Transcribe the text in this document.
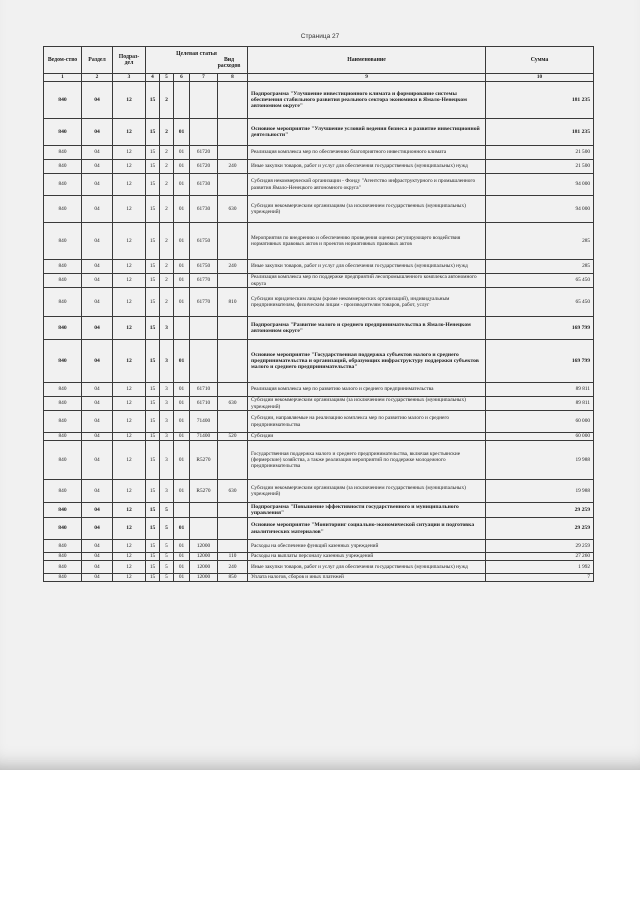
Страница 27
Ведом-ство	Раздел	Подраз-дел	Целевая статья
Вид расходов					Наименование	Сумма
1	2	3	4	5	6	7	8	9	10
840	04	12	15	2				Подпрограмма "Улучшение инвестиционного климата и формирование системы обеспечения стабильного развития реального сектора экономики в Ямало-Ненецком автономном округе"	181 235
840	04	12	15	2	01			Основное мероприятие "Улучшение условий ведения бизнеса и развитие инвестиционной деятельности"	181 235
840	04	12	15	2	01	61720		Реализация комплекса мер по обеспечению благоприятного инвестиционного климата	21 500
840	04	12	15	2	01	61720	240	Иные закупки товаров, работ и услуг для обеспечения государственных (муниципальных) нужд	21 500
840	04	12	15	2	01	61730		Субсидия некоммерческой организации - Фонду "Агентство инфраструктурного и промышленного развития Ямало-Ненецкого автономного округа"	94 000
840	04	12	15	2	01	61730	630	Субсидии некоммерческим организациям (за исключением государственных (муниципальных) учреждений)	94 000
840	04	12	15	2	01	61750		Мероприятия по внедрению и обеспечению проведения оценки регулирующего воздействия нормативных правовых актов и проектов нормативных правовых актов	285
840	04	12	15	2	01	61750	240	Иные закупки товаров, работ и услуг для обеспечения государственных (муниципальных) нужд	285
840	04	12	15	2	01	61770		Реализация комплекса мер по поддержке предприятий лесопромышленного комплекса автономного округа	65 450
840	04	12	15	2	01	61770	810	Субсидии юридическим лицам (кроме некоммерческих организаций), индивидуальным предпринимателям, физическим лицам - производителям товаров, работ, услуг	65 450
840	04	12	15	3				Подпрограмма "Развитие малого и среднего предпринимательства в Ямало-Ненецком автономном округе"	169 799
840	04	12	15	3	01			Основное мероприятие "Государственная поддержка субъектов малого и среднего предпринимательства и организаций, образующих инфраструктуру поддержки субъектов малого и среднего предпринимательства"	169 799
840	04	12	15	3	01	61710		Реализация комплекса мер по развитию малого и среднего предпринимательства	89 811
840	04	12	15	3	01	61710	630	Субсидии некоммерческим организациям (за исключением государственных (муниципальных) учреждений)	89 811
840	04	12	15	3	01	71400		Субсидии, направляемые на реализацию комплекса мер по развитию малого и среднего предпринимательства	60 000
840	04	12	15	3	01	71400	520	Субсидии	60 000
840	04	12	15	3	01	R5270		Государственная поддержка малого и среднего предпринимательства, включая крестьянские (фермерские) хозяйства, а также реализация мероприятий по поддержке молодежного предпринимательства	19 988
840	04	12	15	3	01	R5270	630	Субсидии некоммерческим организациям (за исключением государственных (муниципальных) учреждений)	19 988
840	04	12	15	5				Подпрограмма "Повышение эффективности государственного и муниципального управления"	29 259
840	04	12	15	5	01			Основное мероприятие "Мониторинг социально-экономической ситуации и подготовка аналитических материалов"	29 259
840	04	12	15	5	01	12000		Расходы на обеспечение функций казенных учреждений	29 259
840	04	12	15	5	01	12000	110	Расходы на выплаты персоналу казенных учреждений	27 260
840	04	12	15	5	01	12000	240	Иные закупки товаров, работ и услуг для обеспечения государственных (муниципальных) нужд	1 992
840	04	12	15	5	01	12000	850	Уплата налогов, сборов и иных платежей	7
